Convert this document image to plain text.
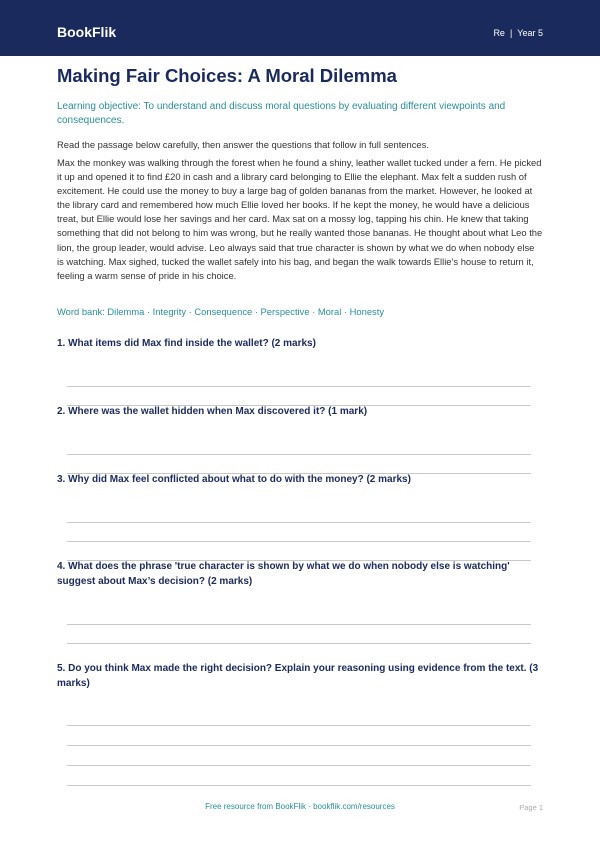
BookFlik	Re | Year 5
Making Fair Choices: A Moral Dilemma
Learning objective: To understand and discuss moral questions by evaluating different viewpoints and consequences.
Read the passage below carefully, then answer the questions that follow in full sentences.
Max the monkey was walking through the forest when he found a shiny, leather wallet tucked under a fern. He picked it up and opened it to find £20 in cash and a library card belonging to Ellie the elephant. Max felt a sudden rush of excitement. He could use the money to buy a large bag of golden bananas from the market. However, he looked at the library card and remembered how much Ellie loved her books. If he kept the money, he would have a delicious treat, but Ellie would lose her savings and her card. Max sat on a mossy log, tapping his chin. He knew that taking something that did not belong to him was wrong, but he really wanted those bananas. He thought about what Leo the lion, the group leader, would advise. Leo always said that true character is shown by what we do when nobody else is watching. Max sighed, tucked the wallet safely into his bag, and began the walk towards Ellie’s house to return it, feeling a warm sense of pride in his choice.
Word bank: Dilemma · Integrity · Consequence · Perspective · Moral · Honesty
1. What items did Max find inside the wallet? (2 marks)
2. Where was the wallet hidden when Max discovered it? (1 mark)
3. Why did Max feel conflicted about what to do with the money? (2 marks)
4. What does the phrase 'true character is shown by what we do when nobody else is watching' suggest about Max’s decision? (2 marks)
5. Do you think Max made the right decision? Explain your reasoning using evidence from the text. (3 marks)
Free resource from BookFlik · bookflik.com/resources	Page 1
